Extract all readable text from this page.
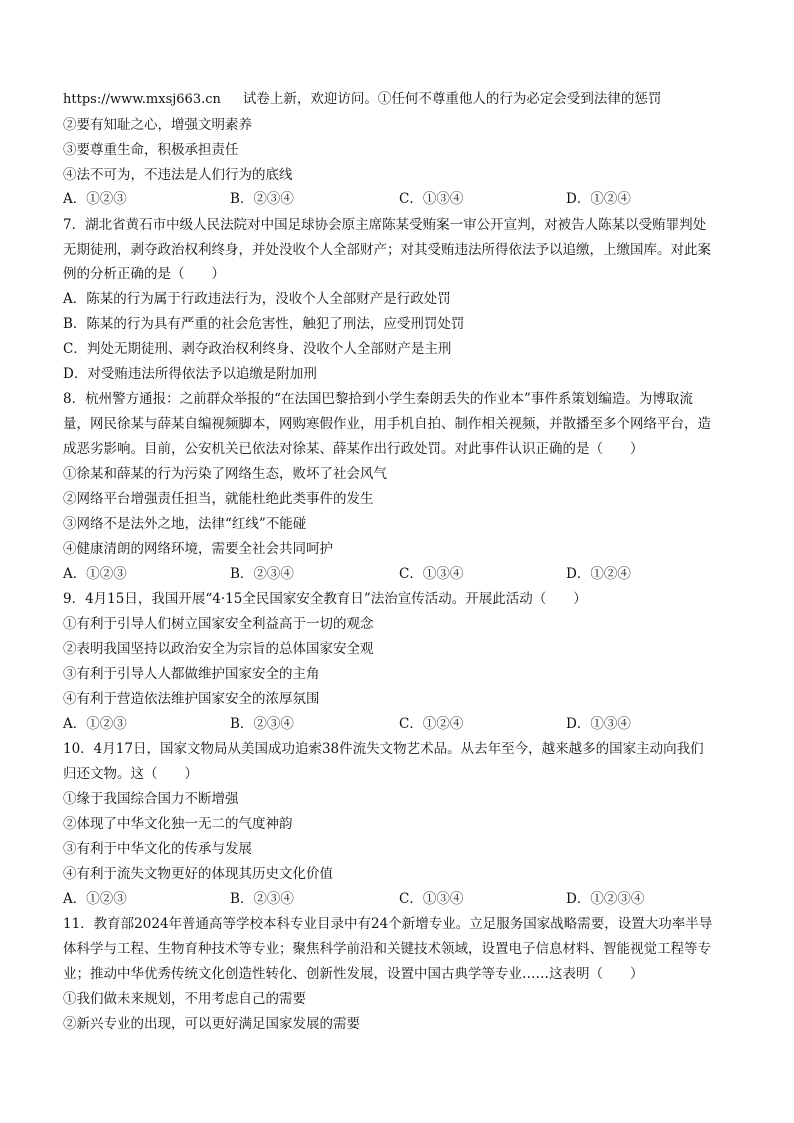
https://www.mxsj663.cn 试卷上新，欢迎访问。①任何不尊重他人的行为必定会受到法律的惩罚
②要有知耻之心，增强文明素养
③要尊重生命，积极承担责任
④法不可为，不违法是人们行为的底线
A．①②③	B．②③④	C．①③④	D．①②④
7．湖北省黄石市中级人民法院对中国足球协会原主席陈某受贿案一审公开宣判，对被告人陈某以受贿罪判处
无期徒刑，剥夺政治权利终身，并处没收个人全部财产；对其受贿违法所得依法予以追缴，上缴国库。对此案
例的分析正确的是（　　）
A．陈某的行为属于行政违法行为，没收个人全部财产是行政处罚
B．陈某的行为具有严重的社会危害性，触犯了刑法，应受刑罚处罚
C．判处无期徒刑、剥夺政治权利终身、没收个人全部财产是主刑
D．对受贿违法所得依法予以追缴是附加刑
8．杭州警方通报：之前群众举报的“在法国巴黎拾到小学生秦朗丢失的作业本”事件系策划编造。为博取流
量，网民徐某与薛某自编视频脚本，网购寒假作业，用手机自拍、制作相关视频，并散播至多个网络平台，造
成恶劣影响。目前，公安机关已依法对徐某、薛某作出行政处罚。对此事件认识正确的是（　　）
①徐某和薛某的行为污染了网络生态，败坏了社会风气
②网络平台增强责任担当，就能杜绝此类事件的发生
③网络不是法外之地，法律“红线”不能碰
④健康清朗的网络环境，需要全社会共同呵护
A．①②③	B．②③④	C．①③④	D．①②④
9．4月15日，我国开展“4·15全民国家安全教育日”法治宣传活动。开展此活动（　　）
①有利于引导人们树立国家安全利益高于一切的观念
②表明我国坚持以政治安全为宗旨的总体国家安全观
③有利于引导人人都做维护国家安全的主角
④有利于营造依法维护国家安全的浓厚氛围
A．①②③	B．②③④	C．①②④	D．①③④
10．4月17日，国家文物局从美国成功追索38件流失文物艺术品。从去年至今，越来越多的国家主动向我们
归还文物。这（　　）
①缘于我国综合国力不断增强
②体现了中华文化独一无二的气度神韵
③有利于中华文化的传承与发展
④有利于流失文物更好的体现其历史文化价值
A．①②③	B．②③④	C．①③④	D．①②③④
11．教育部2024年普通高等学校本科专业目录中有24个新增专业。立足服务国家战略需要，设置大功率半导
体科学与工程、生物育种技术等专业；聚焦科学前沿和关键技术领域，设置电子信息材料、智能视觉工程等专
业；推动中华优秀传统文化创造性转化、创新性发展，设置中国古典学等专业……这表明（　　）
①我们做未来规划，不用考虑自己的需要
②新兴专业的出现，可以更好满足国家发展的需要
